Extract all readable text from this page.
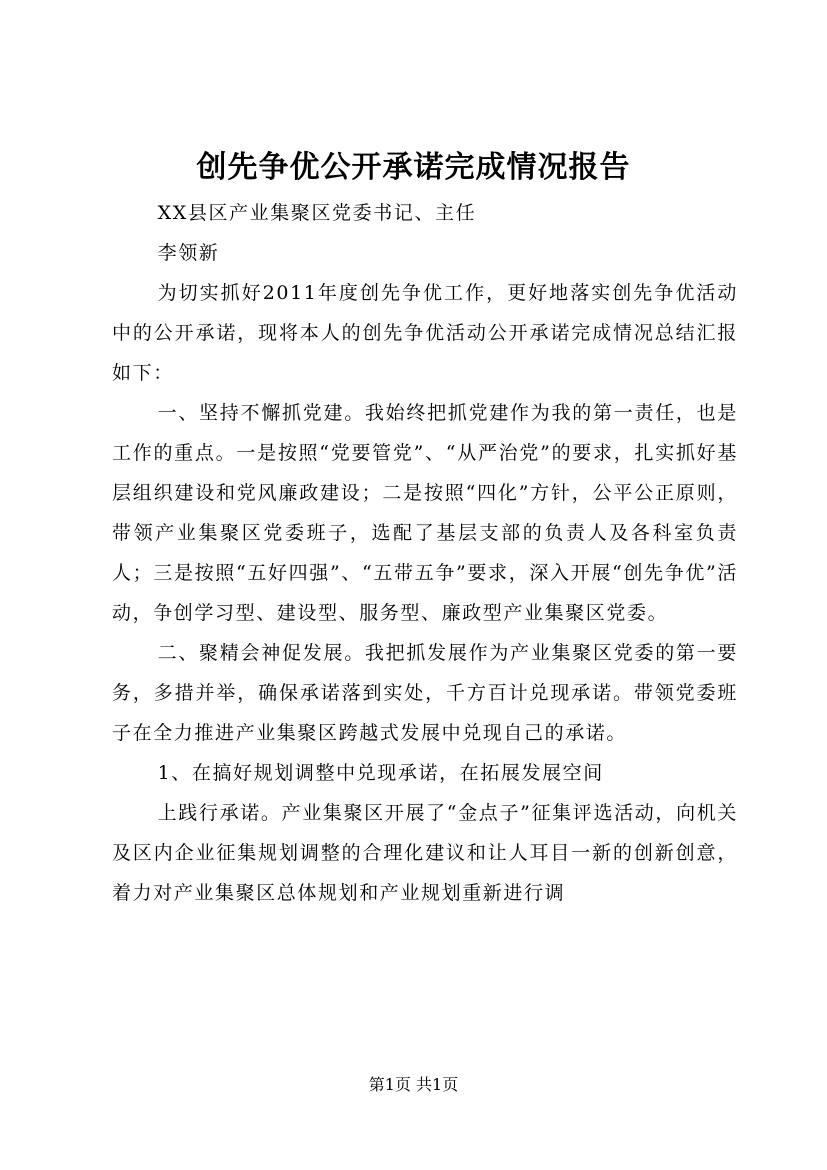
创先争优公开承诺完成情况报告

XX县区产业集聚区党委书记、主任

李领新

为切实抓好2011年度创先争优工作，更好地落实创先争优活动中的公开承诺，现将本人的创先争优活动公开承诺完成情况总结汇报如下：

一、坚持不懈抓党建。我始终把抓党建作为我的第一责任，也是工作的重点。一是按照“党要管党”、“从严治党”的要求，扎实抓好基层组织建设和党风廉政建设；二是按照“四化”方针，公平公正原则，带领产业集聚区党委班子，选配了基层支部的负责人及各科室负责人；三是按照“五好四强”、“五带五争”要求，深入开展“创先争优”活动，争创学习型、建设型、服务型、廉政型产业集聚区党委。

二、聚精会神促发展。我把抓发展作为产业集聚区党委的第一要务，多措并举，确保承诺落到实处，千方百计兑现承诺。带领党委班子在全力推进产业集聚区跨越式发展中兑现自己的承诺。

1、在搞好规划调整中兑现承诺，在拓展发展空间

上践行承诺。产业集聚区开展了“金点子”征集评选活动，向机关及区内企业征集规划调整的合理化建议和让人耳目一新的创新创意，着力对产业集聚区总体规划和产业规划重新进行调

第1页 共1页
